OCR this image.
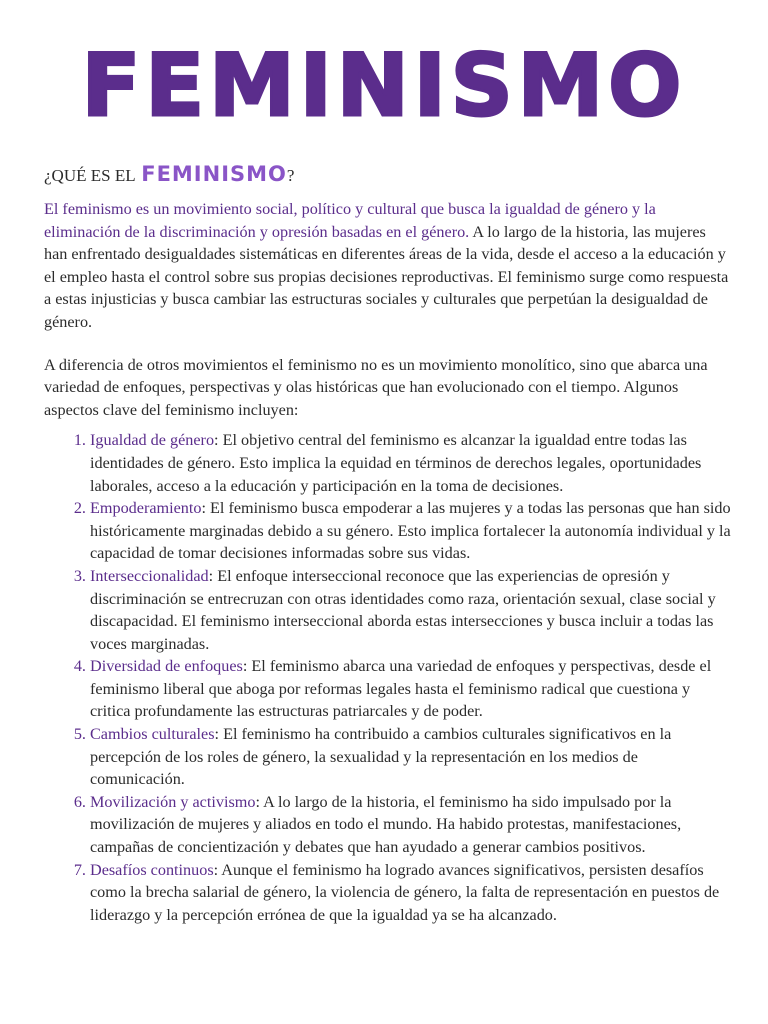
FEMINISMO
¿QUÉ ES EL FEMINISMO?

El feminismo es un movimiento social, político y cultural que busca la igualdad de género y la eliminación de la discriminación y opresión basadas en el género. A lo largo de la historia, las mujeres han enfrentado desigualdades sistemáticas en diferentes áreas de la vida, desde el acceso a la educación y el empleo hasta el control sobre sus propias decisiones reproductivas. El feminismo surge como respuesta a estas injusticias y busca cambiar las estructuras sociales y culturales que perpetúan la desigualdad de género.

A diferencia de otros movimientos el feminismo no es un movimiento monolítico, sino que abarca una variedad de enfoques, perspectivas y olas históricas que han evolucionado con el tiempo. Algunos aspectos clave del feminismo incluyen:

1. Igualdad de género: El objetivo central del feminismo es alcanzar la igualdad entre todas las identidades de género. Esto implica la equidad en términos de derechos legales, oportunidades laborales, acceso a la educación y participación en la toma de decisiones.
2. Empoderamiento: El feminismo busca empoderar a las mujeres y a todas las personas que han sido históricamente marginadas debido a su género. Esto implica fortalecer la autonomía individual y la capacidad de tomar decisiones informadas sobre sus vidas.
3. Interseccionalidad: El enfoque interseccional reconoce que las experiencias de opresión y discriminación se entrecruzan con otras identidades como raza, orientación sexual, clase social y discapacidad. El feminismo interseccional aborda estas intersecciones y busca incluir a todas las voces marginadas.
4. Diversidad de enfoques: El feminismo abarca una variedad de enfoques y perspectivas, desde el feminismo liberal que aboga por reformas legales hasta el feminismo radical que cuestiona y critica profundamente las estructuras patriarcales y de poder.
5. Cambios culturales: El feminismo ha contribuido a cambios culturales significativos en la percepción de los roles de género, la sexualidad y la representación en los medios de comunicación.
6. Movilización y activismo: A lo largo de la historia, el feminismo ha sido impulsado por la movilización de mujeres y aliados en todo el mundo. Ha habido protestas, manifestaciones, campañas de concientización y debates que han ayudado a generar cambios positivos.
7. Desafíos continuos: Aunque el feminismo ha logrado avances significativos, persisten desafíos como la brecha salarial de género, la violencia de género, la falta de representación en puestos de liderazgo y la percepción errónea de que la igualdad ya se ha alcanzado.
